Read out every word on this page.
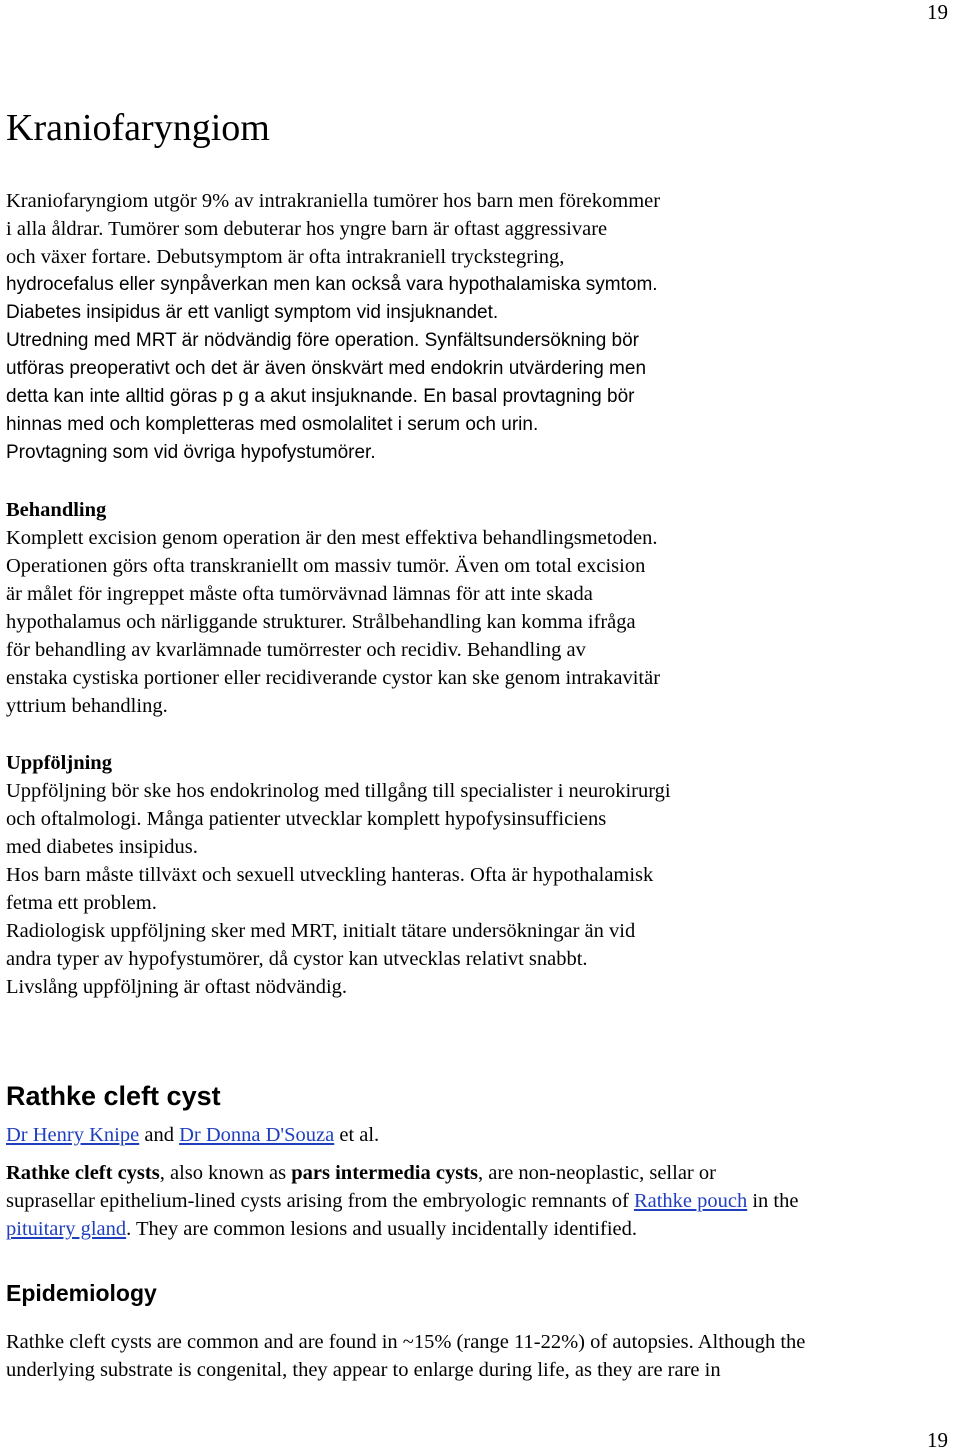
19
Kraniofaryngiom
Kraniofaryngiom utgör 9% av intrakraniella tumörer hos barn men förekommer
i alla åldrar. Tumörer som debuterar hos yngre barn är oftast aggressivare
och växer fortare. Debutsymptom är ofta intrakraniell tryckstegring,
hydrocefalus eller synpåverkan men kan också vara hypothalamiska symtom.
Diabetes insipidus är ett vanligt symptom vid insjuknandet.
Utredning med MRT är nödvändig före operation. Synfältsundersökning bör
utföras preoperativt och det är även önskvärt med endokrin utvärdering men
detta kan inte alltid göras p g a akut insjuknande. En basal provtagning bör
hinnas med och kompletteras med osmolalitet i serum och urin.
Provtagning som vid övriga hypofystumörer.
Behandling
Komplett excision genom operation är den mest effektiva behandlingsmetoden.
Operationen görs ofta transkraniellt om massiv tumör. Även om total excision
är målet för ingreppet måste ofta tumörvävnad lämnas för att inte skada
hypothalamus och närliggande strukturer. Strålbehandling kan komma ifråga
för behandling av kvarlämnade tumörrester och recidiv. Behandling av
enstaka cystiska portioner eller recidiverande cystor kan ske genom intrakavitär
yttrium behandling.
Uppföljning
Uppföljning bör ske hos endokrinolog med tillgång till specialister i neurokirurgi
och oftalmologi. Många patienter utvecklar komplett hypofysinsufficiens
med diabetes insipidus.
Hos barn måste tillväxt och sexuell utveckling hanteras. Ofta är hypothalamisk
fetma ett problem.
Radiologisk uppföljning sker med MRT, initialt tätare undersökningar än vid
andra typer av hypofystumörer, då cystor kan utvecklas relativt snabbt.
Livslång uppföljning är oftast nödvändig.
Rathke cleft cyst
Dr Henry Knipe and Dr Donna D'Souza et al.
Rathke cleft cysts, also known as pars intermedia cysts, are non-neoplastic, sellar or
suprasellar epithelium-lined cysts arising from the embryologic remnants of Rathke pouch in the
pituitary gland. They are common lesions and usually incidentally identified.
Epidemiology
Rathke cleft cysts are common and are found in ~15% (range 11-22%) of autopsies. Although the
underlying substrate is congenital, they appear to enlarge during life, as they are rare in
19
